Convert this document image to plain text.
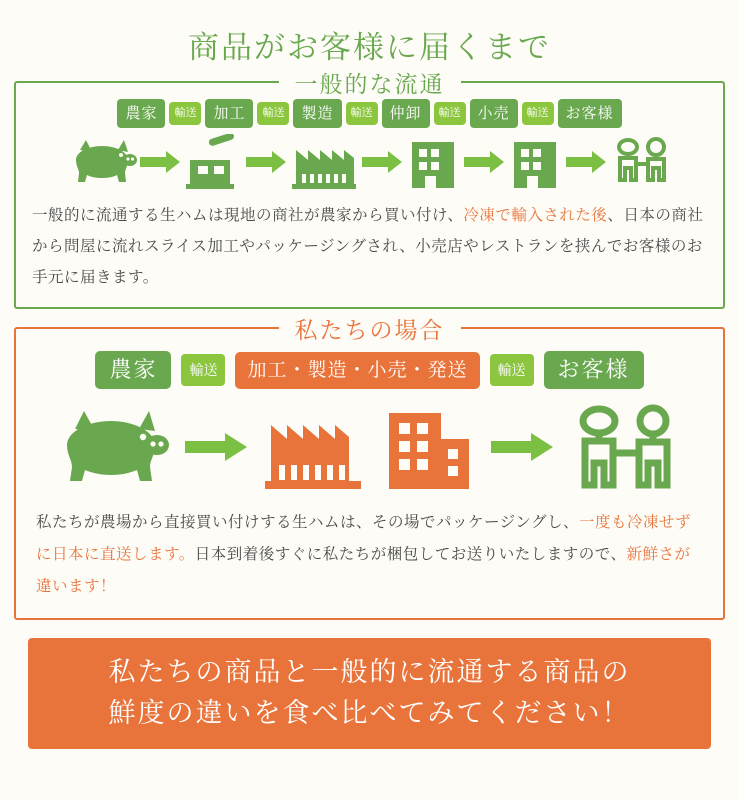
商品がお客様に届くまで
一般的な流通
農家	輸送	加工	輸送	製造	輸送	仲卸	輸送	小売	輸送	お客様
一般的に流通する生ハムは現地の商社が農家から買い付け、冷凍で輸入された後、日本の商社から問屋に流れスライス加工やパッケージングされ、小売店やレストランを挟んでお客様のお手元に届きます。
私たちの場合
農家	輸送	加工・製造・小売・発送	輸送	お客様
私たちが農場から直接買い付けする生ハムは、その場でパッケージングし、一度も冷凍せずに日本に直送します。日本到着後すぐに私たちが梱包してお送りいたしますので、新鮮さが違います！
私たちの商品と一般的に流通する商品の
鮮度の違いを食べ比べてみてください！
